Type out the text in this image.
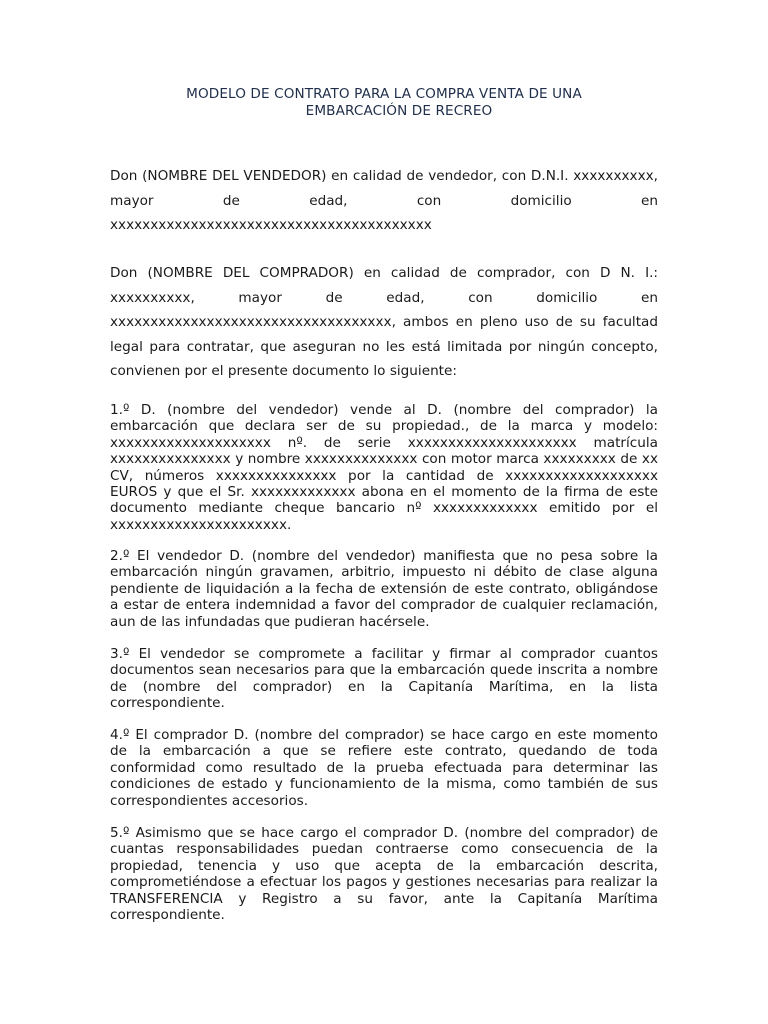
MODELO DE CONTRATO PARA LA COMPRA VENTA DE UNA
EMBARCACIÓN DE RECREO

Don (NOMBRE DEL VENDEDOR) en calidad de vendedor, con D.N.I. xxxxxxxxxx, mayor de edad, con domicilio en xxxxxxxxxxxxxxxxxxxxxxxxxxxxxxxxxxxxxxxx

Don (NOMBRE DEL COMPRADOR) en calidad de comprador, con D N. I.: xxxxxxxxxx, mayor de edad, con domicilio en xxxxxxxxxxxxxxxxxxxxxxxxxxxxxxxxxxx, ambos en pleno uso de su facultad legal para contratar, que aseguran no les está limitada por ningún concepto, convienen por el presente documento lo siguiente:

1.º D. (nombre del vendedor) vende al D. (nombre del comprador) la embarcación que declara ser de su propiedad., de la marca y modelo: xxxxxxxxxxxxxxxxxxxx nº. de serie xxxxxxxxxxxxxxxxxxxxx matrícula xxxxxxxxxxxxxxx y nombre xxxxxxxxxxxxxx con motor marca xxxxxxxxx de xx CV, números xxxxxxxxxxxxxxx por la cantidad de xxxxxxxxxxxxxxxxxxx EUROS y que el Sr. xxxxxxxxxxxxx abona en el momento de la firma de este documento mediante cheque bancario nº xxxxxxxxxxxxx emitido por el xxxxxxxxxxxxxxxxxxxxxx.

2.º El vendedor D. (nombre del vendedor) manifiesta que no pesa sobre la embarcación ningún gravamen, arbitrio, impuesto ni débito de clase alguna pendiente de liquidación a la fecha de extensión de este contrato, obligándose a estar de entera indemnidad a favor del comprador de cualquier reclamación, aun de las infundadas que pudieran hacérsele.

3.º El vendedor se compromete a facilitar y firmar al comprador cuantos documentos sean necesarios para que la embarcación quede inscrita a nombre de (nombre del comprador) en la Capitanía Marítima, en la lista correspondiente.

4.º El comprador D. (nombre del comprador) se hace cargo en este momento de la embarcación a que se refiere este contrato, quedando de toda conformidad como resultado de la prueba efectuada para determinar las condiciones de estado y funcionamiento de la misma, como también de sus correspondientes accesorios.

5.º Asimismo que se hace cargo el comprador D. (nombre del comprador) de cuantas responsabilidades puedan contraerse como consecuencia de la propiedad, tenencia y uso que acepta de la embarcación descrita, comprometiéndose a efectuar los pagos y gestiones necesarias para realizar la TRANSFERENCIA y Registro a su favor, ante la Capitanía Marítima correspondiente.
